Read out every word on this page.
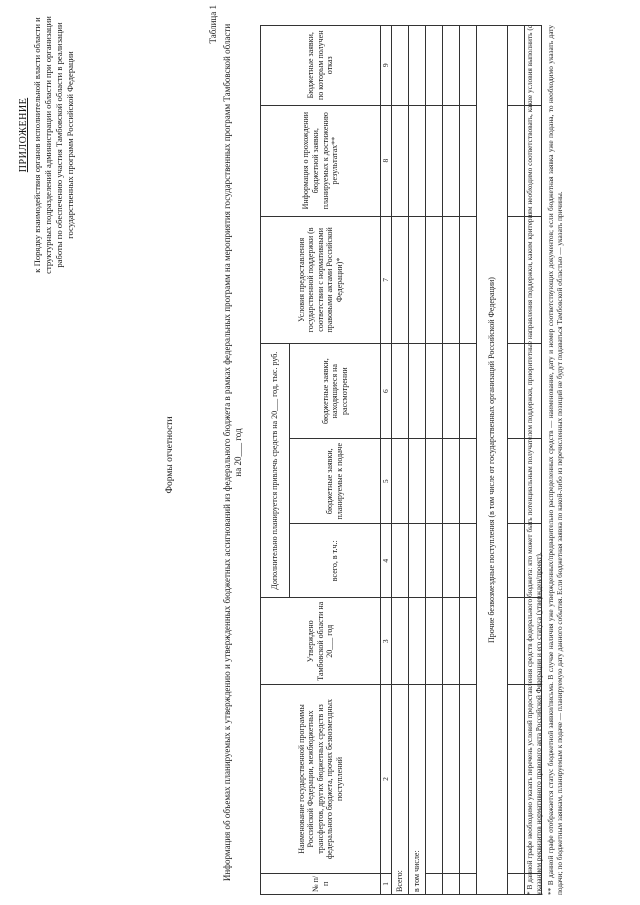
ПРИЛОЖЕНИЕ к Порядку взаимодействия органов исполнительной власти области и структурных подразделений администрации области при организации работы по обеспечению участия Тамбовской области в реализации государственных программ Российской Федерации
Формы отчетности
Таблица 1 Информация об объемах планируемых к утверждению и утвержденных бюджетных ассигнований из федерального бюджета в рамках федеральных программ на мероприятия государственных программ Тамбовской области на 20___ год
№ п/п	Наименование государственной программы Российской Федерации, межбюджетных трансфертов, других бюджетных средств из федерального бюджета, прочих безвозмездных поступлений	Утверждено Тамбовской области на 20___ год	Дополнительно планируется привлечь средств на 20___ год, тыс. руб.			Условия предоставления государственной поддержки (в соответствии с нормативными правовыми актами Российской Федерации)*	Информация о прохождении бюджетной заявки, планируемых к достижению результатах**	Бюджетные заявки, по которым получен отказ
			всего, в т.ч.:	бюджетные заявки, планируемые к подаче	бюджетные заявки, находящиеся на рассмотрении			
1	2	3	4	5	6	7	8	9
Всего:								
в том числе:								

Прочие безвозмездные поступления (в том числе от государственных организаций Российской Федерации)								

									* В данной графе необходимо указать перечень условий предоставления средств федерального бюджета: кто может быть потенциальным получателем поддержки, приоритетные направления поддержки, каким критериям необходимо соответствовать, какие условия выполнить (с указанием реквизитов нормативного правового акта Российской Федерации и его статуса (утвержден/проект). ** В данной графе отображается статус бюджетной заявки/письма. В случае наличия уже утвержденных/предварительно распределенных средств — наименование, дату и номер соответствующих документов; если бюджетная заявка уже подана, то необходимо указать дату подачи; по бюджетным заявкам, планируемым к подаче — планируемую дату данного события. Если бюджетная заявка по какой-либо из перечисленных позиций не будут подаваться Тамбовской областью — указать причины.
